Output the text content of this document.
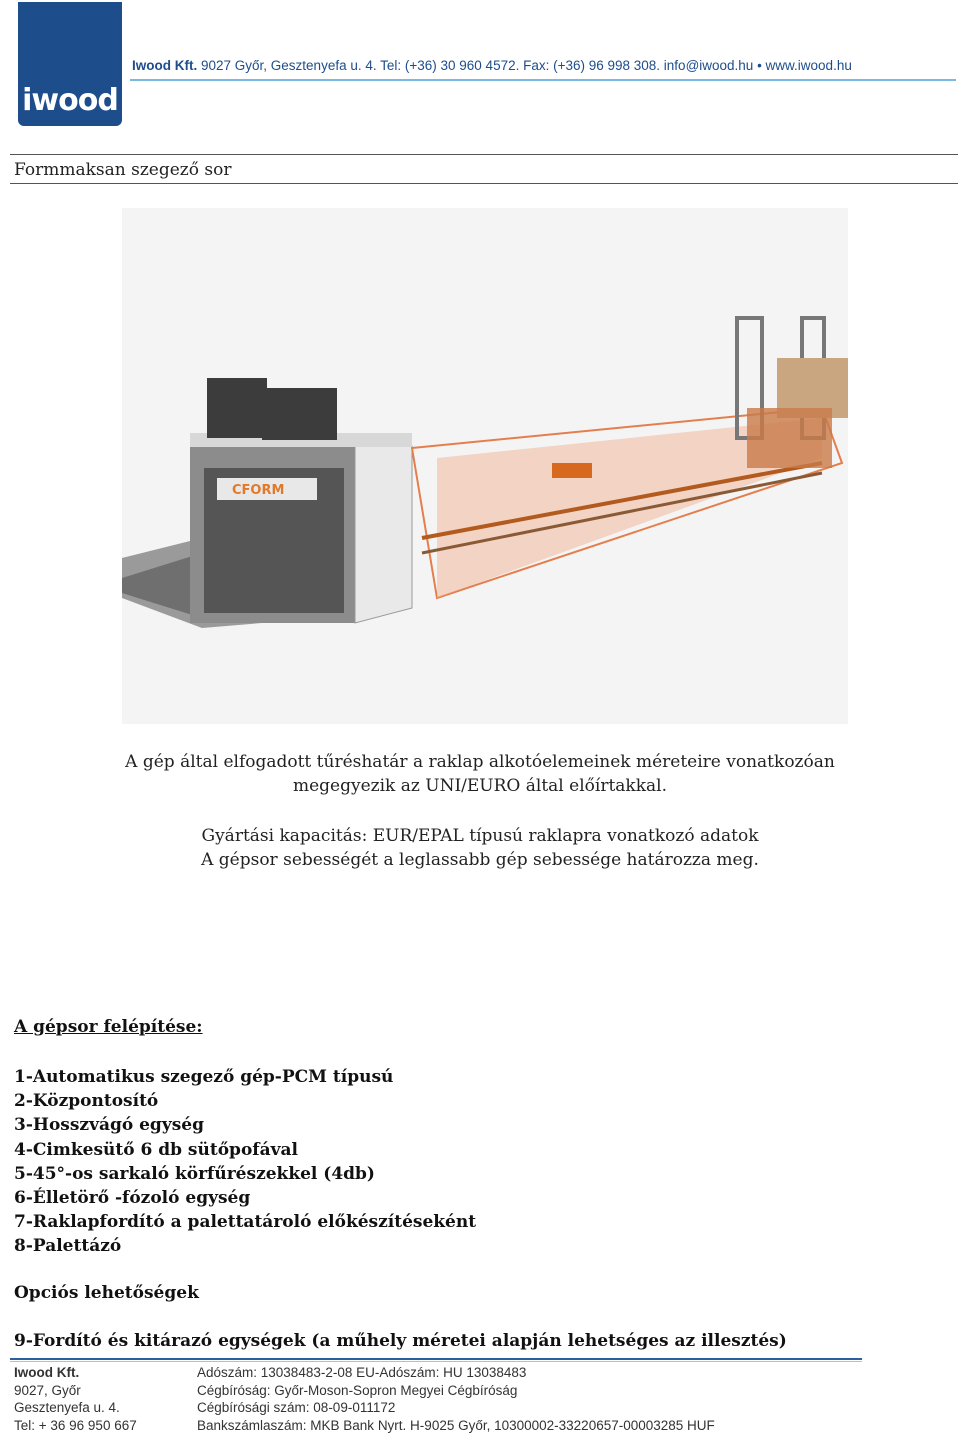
iwood
Iwood Kft. 9027 Győr, Gesztenyefa u. 4. Tel: (+36) 30 960 4572. Fax: (+36) 96 998 308. info@iwood.hu • www.iwood.hu
Formmaksan szegező sor
CFORM
A gép által elfogadott tűréshatár a raklap alkotóelemeinek méreteire vonatkozóan
megegyezik az UNI/EURO által előírtakkal.
Gyártási kapacitás: EUR/EPAL típusú raklapra vonatkozó adatok
A gépsor sebességét a leglassabb gép sebessége határozza meg.
A gépsor felépítése:
1-Automatikus szegező gép-PCM típusú
2-Központosító
3-Hosszvágó egység
4-Cimkesütő 6 db sütőpofával
5-45°-os sarkaló körfűrészekkel (4db)
6-Élletörő -fózoló egység
7-Raklapfordító a palettatároló előkészítéseként
8-Palettázó
Opciós lehetőségek
9-Fordító és kitárazó egységek (a műhely méretei alapján lehetséges az illesztés)
Iwood Kft.
9027, Győr
Gesztenyefa u. 4.
Tel: + 36 96 950 667
Adószám: 13038483-2-08 EU-Adószám: HU 13038483
Cégbíróság: Győr-Moson-Sopron Megyei Cégbíróság
Cégbírósági szám: 08-09-011172
Bankszámlaszám: MKB Bank Nyrt. H-9025 Győr, 10300002-33220657-00003285 HUF
